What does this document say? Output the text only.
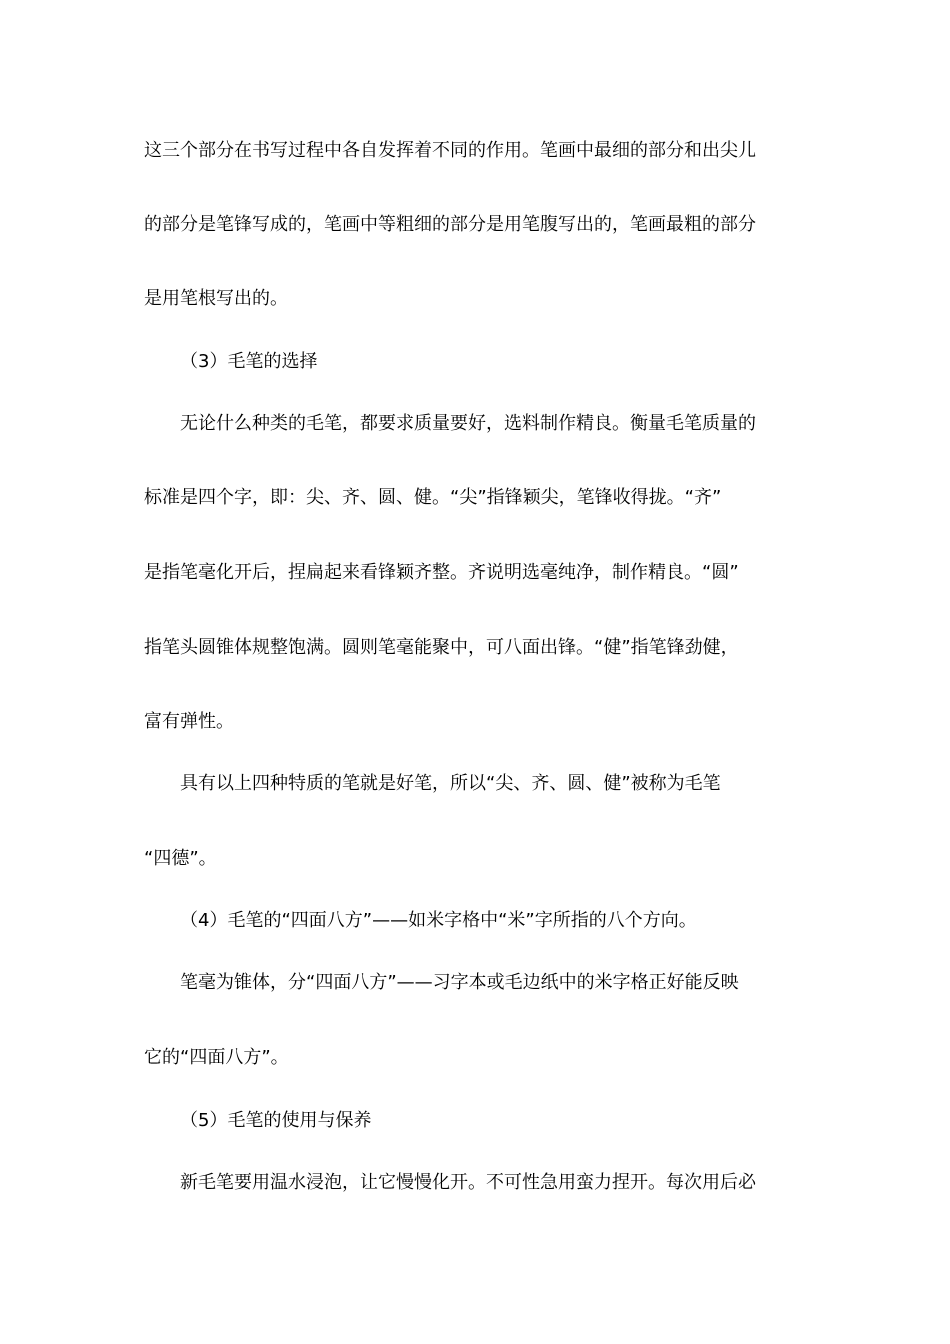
这三个部分在书写过程中各自发挥着不同的作用。笔画中最细的部分和出尖儿

的部分是笔锋写成的，笔画中等粗细的部分是用笔腹写出的，笔画最粗的部分

是用笔根写出的。

（3）毛笔的选择

无论什么种类的毛笔，都要求质量要好，选料制作精良。衡量毛笔质量的

标准是四个字，即：尖、齐、圆、健。“尖”指锋颖尖，笔锋收得拢。“齐”

是指笔毫化开后，捏扁起来看锋颖齐整。齐说明选毫纯净，制作精良。“圆”

指笔头圆锥体规整饱满。圆则笔毫能聚中，可八面出锋。“健”指笔锋劲健，

富有弹性。

具有以上四种特质的笔就是好笔，所以“尖、齐、圆、健”被称为毛笔

“四德”。

（4）毛笔的“四面八方”——如米字格中“米”字所指的八个方向。

笔毫为锥体，分“四面八方”——习字本或毛边纸中的米字格正好能反映

它的“四面八方”。

（5）毛笔的使用与保养

新毛笔要用温水浸泡，让它慢慢化开。不可性急用蛮力捏开。每次用后必
